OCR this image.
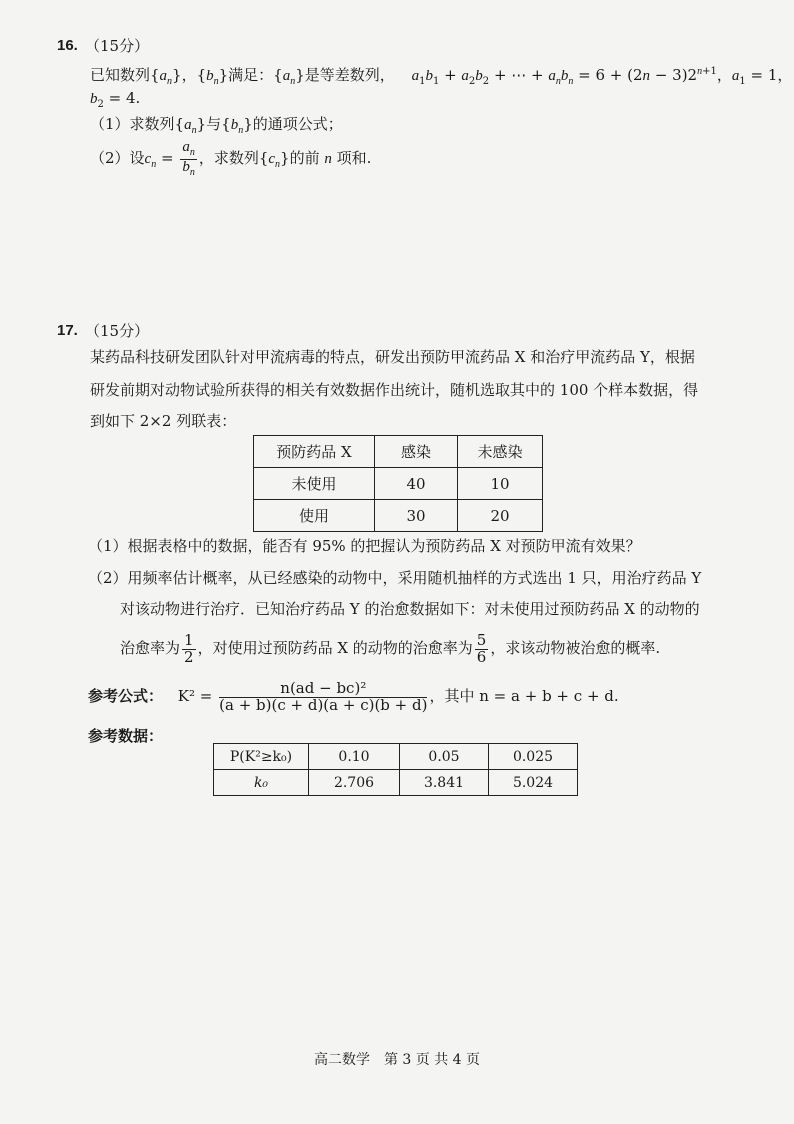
16. （15分）
已知数列$\{a_n\}$，$\{b_n\}$满足：$\{a_n\}$是等差数列， $a_1b_1 + a_2b_2$ + ⋯ + $a_nb_n = 6 + (2n - 3)2^{n+1}$，$a_1 = 1$，
$b_2 = 4$.
（1）求数列$\{a_n\}$与$\{b_n\}$的通项公式；
（2）设$c_n = \frac{a_n}{b_n}$ ，求数列$\{c_n\}$的前 n 项和.
17. （15分）
某药品科技研发团队针对甲流病毒的特点，研发出预防甲流药品 X 和治疗甲流药品 Y，根据
研发前期对动物试验所获得的相关有效数据作出统计，随机选取其中的 100 个样本数据，得
到如下 2×2 列联表：
预防药品 X	感染	未感染
未使用	40	10
使用	30	20
（1）根据表格中的数据，能否有 95% 的把握认为预防药品 X 对预防甲流有效果？
（2）用频率估计概率，从已经感染的动物中，采用随机抽样的方式选出 1 只，用治疗药品 Y
对该动物进行治疗．已知治疗药品 Y 的治愈数据如下：对未使用过预防药品 X 的动物的
治愈率为 $\frac{1}{2}$ ，对使用过预防药品 X 的动物的治愈率为 $\frac{5}{6}$ ，求该动物被治愈的概率.
参考公式： $K^2 = \frac{\text{n(ad − bc)²}}{(a + b)(c + d)(a + c)(b + d)}$ ，其中 n = a + b + c + d.
参考数据：
P(K²≥k₀)	0.10	0.05	0.025
k₀	2.706	3.841	5.024
高二数学　第 3 页 共 4 页
